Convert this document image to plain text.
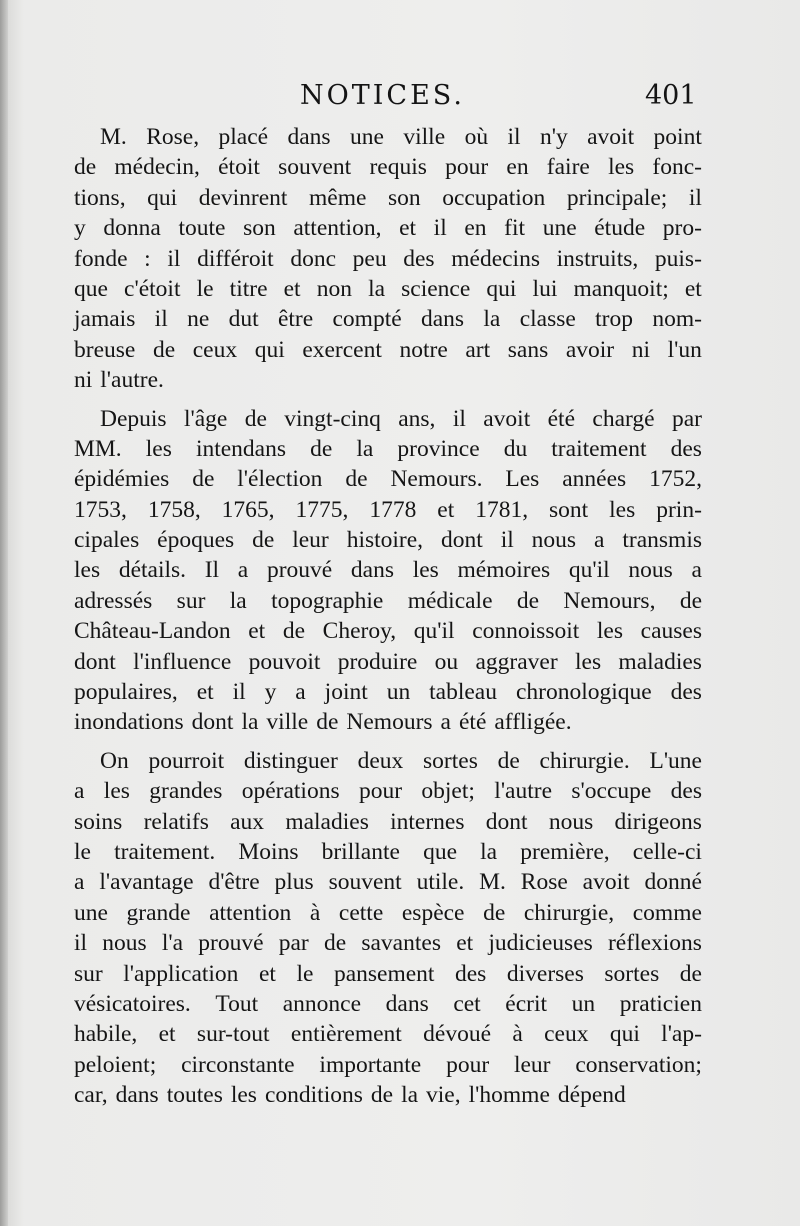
NOTICES.	401
M. Rose, placé dans une ville où il n'y avoit point
de médecin, étoit souvent requis pour en faire les fonc-
tions, qui devinrent même son occupation principale; il
y donna toute son attention, et il en fit une étude pro-
fonde : il différoit donc peu des médecins instruits, puis-
que c'étoit le titre et non la science qui lui manquoit; et
jamais il ne dut être compté dans la classe trop nom-
breuse de ceux qui exercent notre art sans avoir ni l'un
ni l'autre.
Depuis l'âge de vingt-cinq ans, il avoit été chargé par
MM. les intendans de la province du traitement des
épidémies de l'élection de Nemours. Les années 1752,
1753, 1758, 1765, 1775, 1778 et 1781, sont les prin-
cipales époques de leur histoire, dont il nous a transmis
les détails. Il a prouvé dans les mémoires qu'il nous a
adressés sur la topographie médicale de Nemours, de
Château-Landon et de Cheroy, qu'il connoissoit les causes
dont l'influence pouvoit produire ou aggraver les maladies
populaires, et il y a joint un tableau chronologique des
inondations dont la ville de Nemours a été affligée.
On pourroit distinguer deux sortes de chirurgie. L'une
a les grandes opérations pour objet; l'autre s'occupe des
soins relatifs aux maladies internes dont nous dirigeons
le traitement. Moins brillante que la première, celle-ci
a l'avantage d'être plus souvent utile. M. Rose avoit donné
une grande attention à cette espèce de chirurgie, comme
il nous l'a prouvé par de savantes et judicieuses réflexions
sur l'application et le pansement des diverses sortes de
vésicatoires. Tout annonce dans cet écrit un praticien
habile, et sur-tout entièrement dévoué à ceux qui l'ap-
peloient; circonstante importante pour leur conservation;
car, dans toutes les conditions de la vie, l'homme dépend
